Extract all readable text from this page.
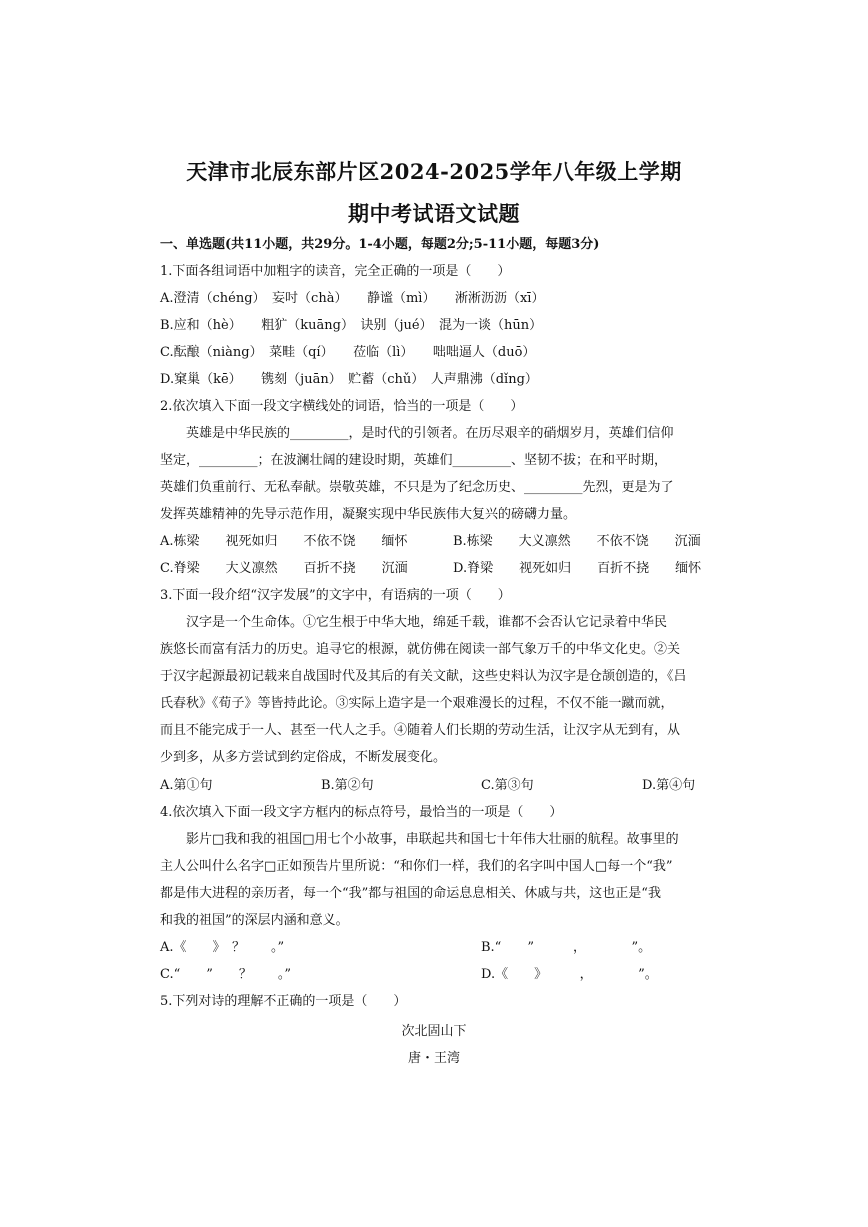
天津市北辰东部片区2024-2025学年八年级上学期
期中考试语文试题
一、单选题(共11小题，共29分。1-4小题，每题2分;5-11小题，每题3分)
1.下面各组词语中加粗字的读音，完全正确的一项是（　　）
A.澄清（chéng）　妄吋（chà）　　静谧（mì）　　淅淅沥沥（xī）
B.应和（hè）　　粗犷（kuāng）　诀别（jué）　混为一谈（hūn）
C.酝酿（niàng）　菜畦（qí）　　莅临（lì）　　咄咄逼人（duō）
D.窠巢（kē）　　镌刻（juān）　贮蓄（chǔ）　人声鼎沸（dǐng）
2.依次填入下面一段文字横线处的词语，恰当的一项是（　　）
英雄是中华民族的_________，是时代的引领者。在历尽艰辛的硝烟岁月，英雄们信仰
坚定，_________；在波澜壮阔的建设时期，英雄们_________、坚韧不拔；在和平时期，
英雄们负重前行、无私奉献。崇敬英雄，不只是为了纪念历史、_________先烈，更是为了
发挥英雄精神的先导示范作用，凝聚实现中华民族伟大复兴的磅礴力量。
A.栋梁　　视死如归　　不依不饶　　缅怀	B.栋梁　　大义凛然　　不依不饶　　沉湎
C.脊梁　　大义凛然　　百折不挠　　沉湎	D.脊梁　　视死如归　　百折不挠　　缅怀
3.下面一段介绍“汉字发展”的文字中，有语病的一项（　　）
汉字是一个生命体。①它生根于中华大地，绵延千载，谁都不会否认它记录着中华民
族悠长而富有活力的历史。追寻它的根源，就仿佛在阅读一部气象万千的中华文化史。②关
于汉字起源最初记载来自战国时代及其后的有关文献，这些史料认为汉字是仓颉创造的，《吕
氏春秋》《荀子》等皆持此论。③实际上造字是一个艰难漫长的过程，不仅不能一蹴而就，
而且不能完成于一人、甚至一代人之手。④随着人们长期的劳动生活，让汉字从无到有，从
少到多，从多方尝试到约定俗成，不断发展变化。
A.第①句	B.第②句	C.第③句	D.第④句
4.依次填入下面一段文字方框内的标点符号，最恰当的一项是（　　）
影片□我和我的祖国□用七个小故事，串联起共和国七十年伟大壮丽的航程。故事里的
主人公叫什么名字□正如预告片里所说：“和你们一样，我们的名字叫中国人□每一个“我”
都是伟大进程的亲历者，每一个“我”都与祖国的命运息息相关、休戚与共，这也正是“我
和我的祖国”的深层内涵和意义。
A.《　　》　？　　。”	B.“　　”　　　，　　　　”。
C.“　　”　　？　　。”	D.《　　》　　　，　　　　”。
5.下列对诗的理解不正确的一项是（　　）
次北固山下
唐・王湾
